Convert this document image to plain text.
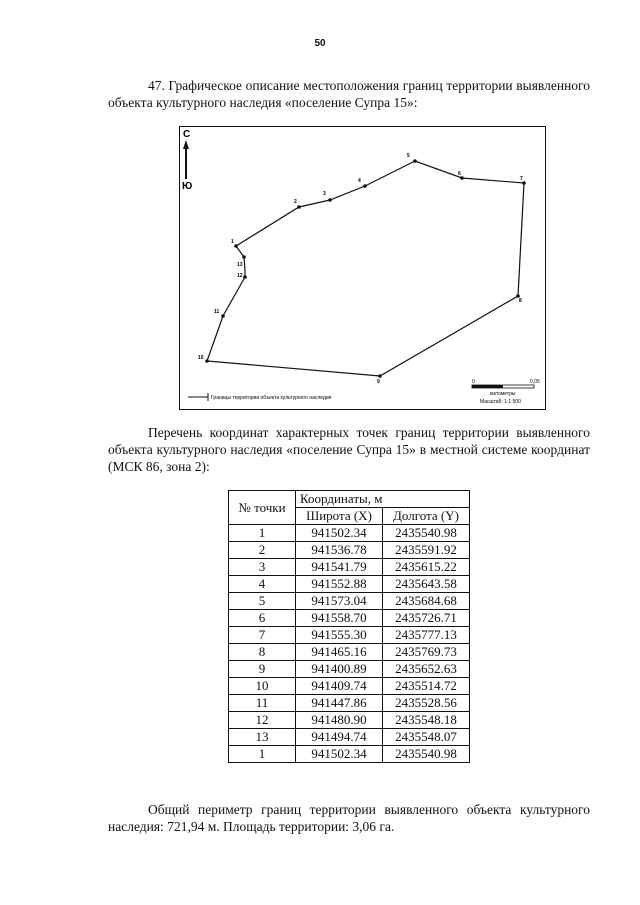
50
47. Графическое описание местоположения границ территории выявленного объекта культурного наследия «поселение Супра 15»:
С
Ю
1
2
3
4
5
6
7
8
9
10
11
12
13
Границы территории объекта культурного наследия
0	0,05
километры
Масштаб: 1:1 500
Перечень координат характерных точек границ территории выявленного объекта культурного наследия «поселение Супра 15» в местной системе координат (МСК 86, зона 2):
№ точки	Координаты, м	
	Широта (X)	Долгота (Y)
1	941502.34	2435540.98
2	941536.78	2435591.92
3	941541.79	2435615.22
4	941552.88	2435643.58
5	941573.04	2435684.68
6	941558.70	2435726.71
7	941555.30	2435777.13
8	941465.16	2435769.73
9	941400.89	2435652.63
10	941409.74	2435514.72
11	941447.86	2435528.56
12	941480.90	2435548.18
13	941494.74	2435548.07
1	941502.34	2435540.98
Общий периметр границ территории выявленного объекта культурного наследия: 721,94 м. Площадь территории: 3,06 га.
